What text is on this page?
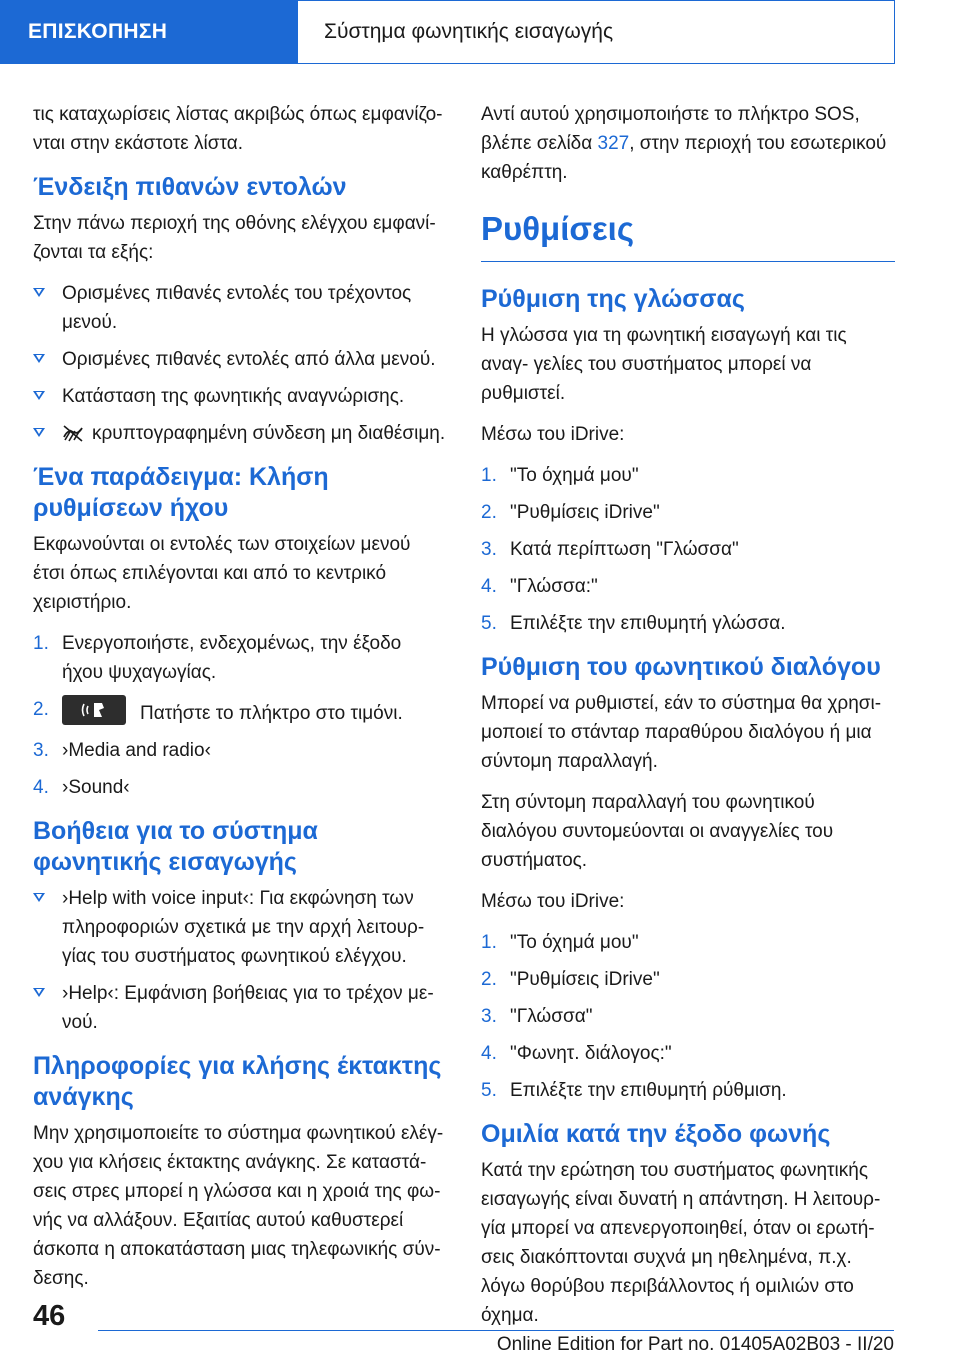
ΕΠΙΣΚΟΠΗΣΗ	Σύστημα φωνητικής εισαγωγής

τις καταχωρίσεις λίστας ακριβώς όπως εμφανίζο- νται στην εκάστοτε λίστα.

Ένδειξη πιθανών εντολών

Στην πάνω περιοχή της οθόνης ελέγχου εμφανί- ζονται τα εξής:

Ορισμένες πιθανές εντολές του τρέχοντος μενού.
Ορισμένες πιθανές εντολές από άλλα μενού.
Κατάσταση της φωνητικής αναγνώρισης.
κρυπτογραφημένη σύνδεση μη διαθέσιμη.
Ένα παράδειγμα: Κλήση ρυθμίσεων ήχου

Εκφωνούνται οι εντολές των στοιχείων μενού έτσι όπως επιλέγονται και από το κεντρικό χειριστήριο.

1. Ενεργοποιήστε, ενδεχομένως, την έξοδο ήχου ψυχαγωγίας.
2.	Πατήστε το πλήκτρο στο τιμόνι.
3. ›Media and radio‹
4. ›Sound‹
Βοήθεια για το σύστημα φωνητικής εισαγωγής
›Help with voice input‹: Για εκφώνηση των πληροφοριών σχετικά με την αρχή λειτουρ- γίας του συστήματος φωνητικού ελέγχου.
›Help‹: Εμφάνιση βοήθειας για το τρέχον με- νού.
Πληροφορίες για κλήσης έκτακτης ανάγκης

Μην χρησιμοποιείτε το σύστημα φωνητικού ελέγ- χου για κλήσεις έκτακτης ανάγκης. Σε καταστά- σεις στρες μπορεί η γλώσσα και η χροιά της φω- νής να αλλάξουν. Εξαιτίας αυτού καθυστερεί άσκοπα η αποκατάσταση μιας τηλεφωνικής σύν- δεσης.

Αντί αυτού χρησιμοποιήστε το πλήκτρο SOS, βλέπε σελίδα 327, στην περιοχή του εσωτερικού καθρέπτη.

Ρυθμίσεις
Ρύθμιση της γλώσσας

Η γλώσσα για τη φωνητική εισαγωγή και τις αναγ- γελίες του συστήματος μπορεί να ρυθμιστεί.

Μέσω του iDrive:

1. "Το όχημά μου"
2. "Ρυθμίσεις iDrive"
3. Κατά περίπτωση "Γλώσσα"
4. "Γλώσσα:"
5. Επιλέξτε την επιθυμητή γλώσσα.
Ρύθμιση του φωνητικού διαλόγου

Μπορεί να ρυθμιστεί, εάν το σύστημα θα χρησι- μοποιεί το στάνταρ παραθύρου διαλόγου ή μια σύντομη παραλλαγή.

Στη σύντομη παραλλαγή του φωνητικού διαλόγου συντομεύονται οι αναγγελίες του συστήματος.

Μέσω του iDrive:

1. "Το όχημά μου"
2. "Ρυθμίσεις iDrive"
3. "Γλώσσα"
4. "Φωνητ. διάλογος:"
5. Επιλέξτε την επιθυμητή ρύθμιση.
Ομιλία κατά την έξοδο φωνής

Κατά την ερώτηση του συστήματος φωνητικής εισαγωγής είναι δυνατή η απάντηση. Η λειτουρ- γία μπορεί να απενεργοποιηθεί, όταν οι ερωτή- σεις διακόπτονται συχνά μη ηθελημένα, π.χ. λόγω θορύβου περιβάλλοντος ή ομιλιών στο όχημα.

46
Online Edition for Part no. 01405A02B03 - II/20
